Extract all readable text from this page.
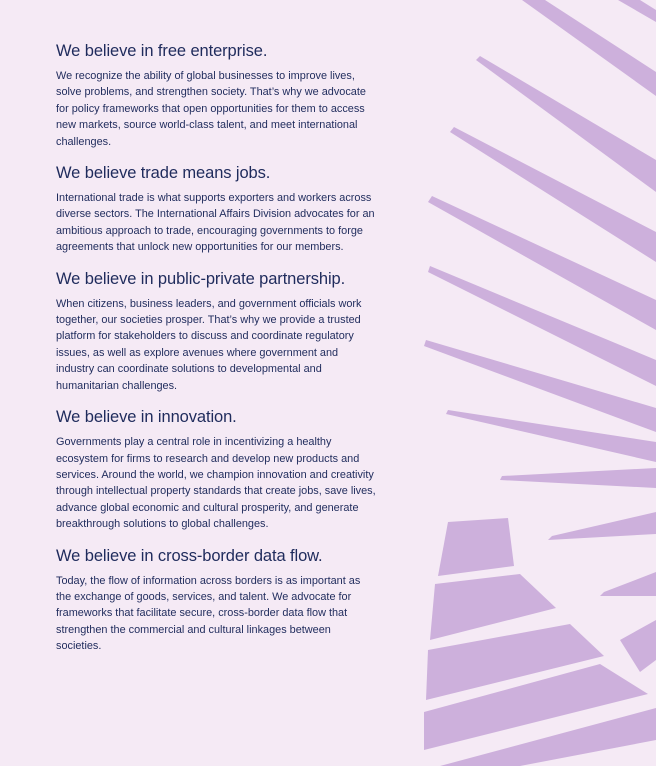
We believe in free enterprise.

We recognize the ability of global businesses to improve lives, solve problems, and strengthen society. That’s why we advocate for policy frameworks that open opportunities for them to access new markets, source world-class talent, and meet international challenges.

We believe trade means jobs.

International trade is what supports exporters and workers across diverse sectors. The International Affairs Division advocates for an ambitious approach to trade, encouraging governments to forge agreements that unlock new opportunities for our members.

We believe in public-private partnership.

When citizens, business leaders, and government officials work together, our societies prosper. That’s why we provide a trusted platform for stakeholders to discuss and coordinate regulatory issues, as well as explore avenues where government and industry can coordinate solutions to developmental and humanitarian challenges.

We believe in innovation.

Governments play a central role in incentivizing a healthy ecosystem for firms to research and develop new products and services. Around the world, we champion innovation and creativity through intellectual property standards that create jobs, save lives, advance global economic and cultural prosperity, and generate breakthrough solutions to global challenges.

We believe in cross-border data flow.

Today, the flow of information across borders is as important as the exchange of goods, services, and talent. We advocate for frameworks that facilitate secure, cross-border data flow that strengthen the commercial and cultural linkages between societies.
